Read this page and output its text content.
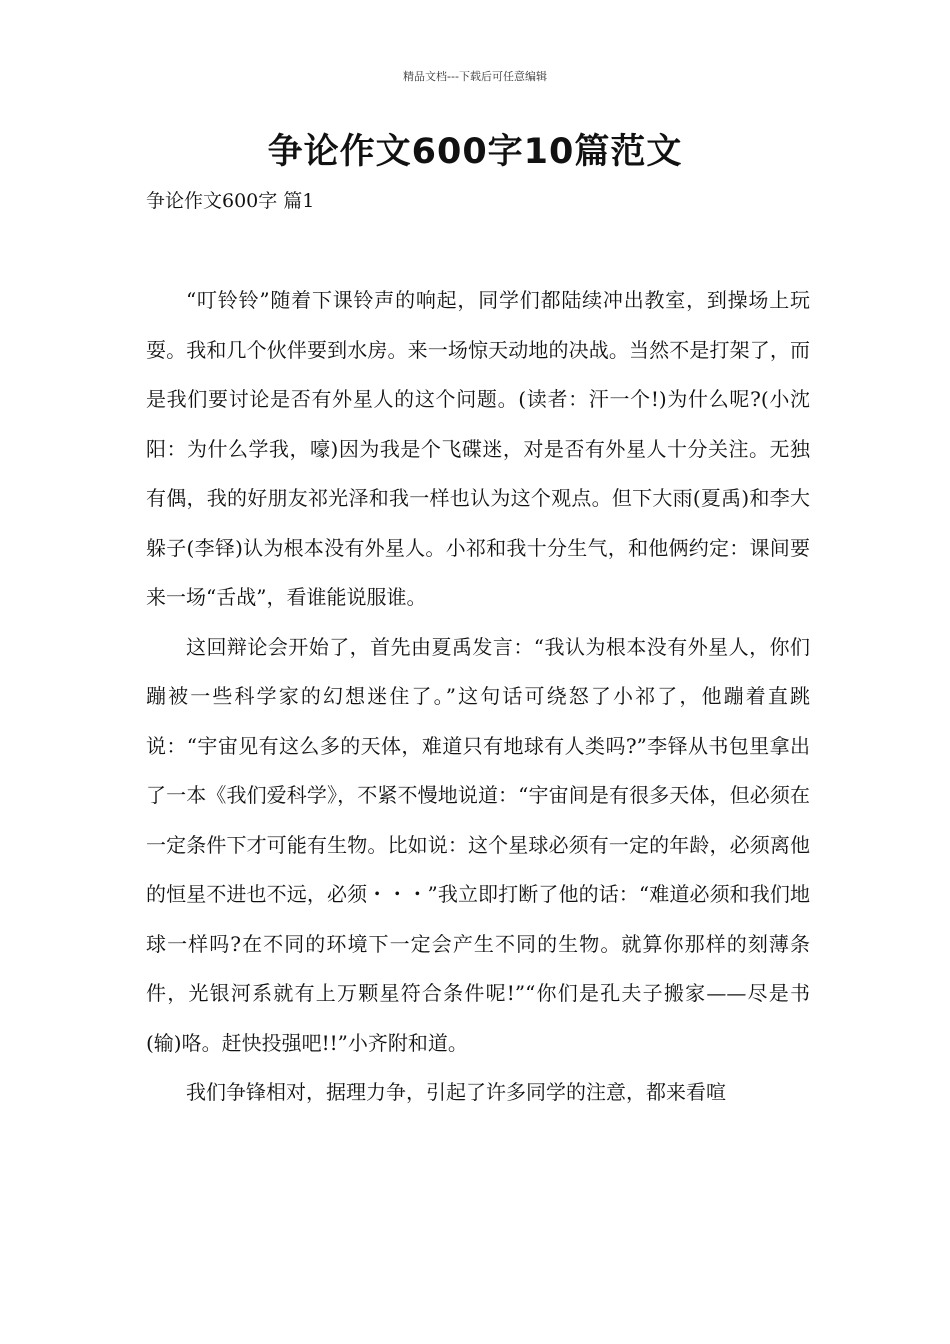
精品文档---下载后可任意编辑
争论作文600字10篇范文
争论作文600字 篇1

“叮铃铃”随着下课铃声的响起，同学们都陆续冲出教室，到操场上玩耍。我和几个伙伴要到水房。来一场惊天动地的决战。当然不是打架了，而是我们要讨论是否有外星人的这个问题。(读者：汗一个!)为什么呢?(小沈阳：为什么学我，嚎)因为我是个飞碟迷，对是否有外星人十分关注。无独有偶，我的好朋友祁光泽和我一样也认为这个观点。但下大雨(夏禹)和李大躲子(李铎)认为根本没有外星人。小祁和我十分生气，和他俩约定：课间要来一场“舌战”，看谁能说服谁。

这回辩论会开始了，首先由夏禹发言：“我认为根本没有外星人，你们蹦被一些科学家的幻想迷住了。”这句话可绕怒了小祁了，他蹦着直跳说：“宇宙见有这么多的天体，难道只有地球有人类吗?”李铎从书包里拿出了一本《我们爱科学》，不紧不慢地说道：“宇宙间是有很多天体，但必须在一定条件下才可能有生物。比如说：这个星球必须有一定的年龄，必须离他的恒星不进也不远，必须・・・”我立即打断了他的话：“难道必须和我们地球一样吗?在不同的环境下一定会产生不同的生物。就算你那样的刻薄条件，光银河系就有上万颗星符合条件呢!”“你们是孔夫子搬家——尽是书(输)咯。赶快投强吧!!”小齐附和道。

我们争锋相对，据理力争，引起了许多同学的注意，都来看喧
